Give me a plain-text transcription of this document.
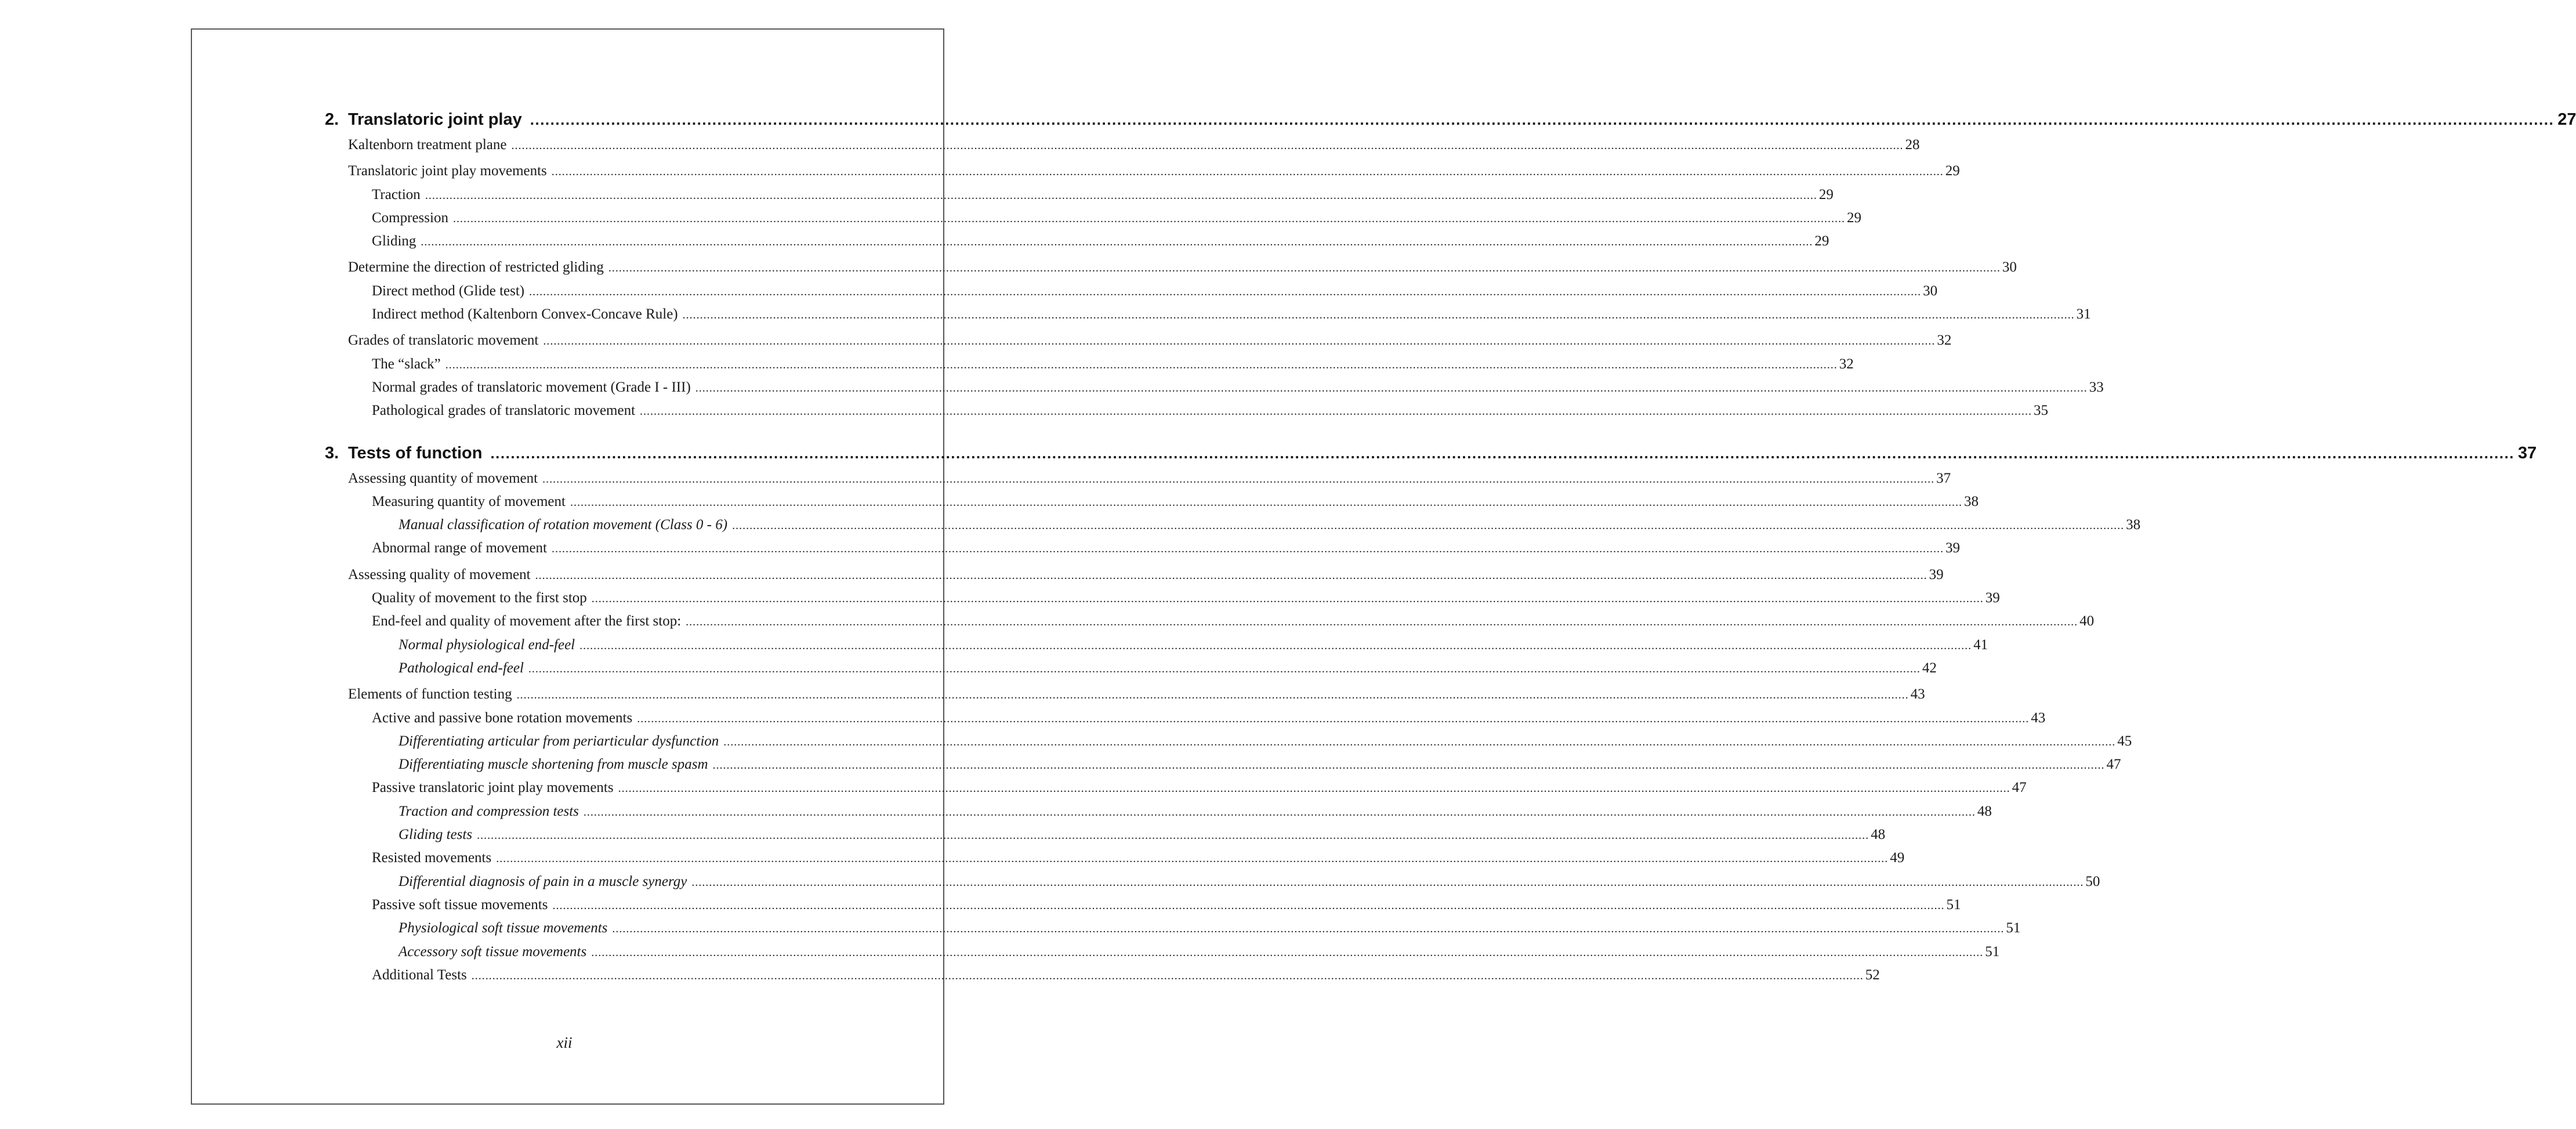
2. Translatoric joint play ................................................................................................................................................................................................................................................................................................................................................................................................................ 27
Kaltenborn treatment plane ................................................................................................................................................................................................................................................................................................................................................................................................................ 28
Translatoric joint play movements ................................................................................................................................................................................................................................................................................................................................................................................................................ 29
Traction ................................................................................................................................................................................................................................................................................................................................................................................................................ 29
Compression ................................................................................................................................................................................................................................................................................................................................................................................................................ 29
Gliding ................................................................................................................................................................................................................................................................................................................................................................................................................ 29
Determine the direction of restricted gliding ................................................................................................................................................................................................................................................................................................................................................................................................................ 30
Direct method (Glide test) ................................................................................................................................................................................................................................................................................................................................................................................................................ 30
Indirect method (Kaltenborn Convex-Concave Rule) ................................................................................................................................................................................................................................................................................................................................................................................................................ 31
Grades of translatoric movement ................................................................................................................................................................................................................................................................................................................................................................................................................ 32
The “slack” ................................................................................................................................................................................................................................................................................................................................................................................................................ 32
Normal grades of translatoric movement (Grade I - III) ................................................................................................................................................................................................................................................................................................................................................................................................................ 33
Pathological grades of translatoric movement ................................................................................................................................................................................................................................................................................................................................................................................................................ 35
3. Tests of function ................................................................................................................................................................................................................................................................................................................................................................................................................ 37
Assessing quantity of movement ................................................................................................................................................................................................................................................................................................................................................................................................................ 37
Measuring quantity of movement ................................................................................................................................................................................................................................................................................................................................................................................................................ 38
Manual classification of rotation movement (Class 0 - 6) ................................................................................................................................................................................................................................................................................................................................................................................................................ 38
Abnormal range of movement ................................................................................................................................................................................................................................................................................................................................................................................................................ 39
Assessing quality of movement ................................................................................................................................................................................................................................................................................................................................................................................................................ 39
Quality of movement to the first stop ................................................................................................................................................................................................................................................................................................................................................................................................................ 39
End-feel and quality of movement after the first stop: ................................................................................................................................................................................................................................................................................................................................................................................................................ 40
Normal physiological end-feel ................................................................................................................................................................................................................................................................................................................................................................................................................ 41
Pathological end-feel ................................................................................................................................................................................................................................................................................................................................................................................................................ 42
Elements of function testing ................................................................................................................................................................................................................................................................................................................................................................................................................ 43
Active and passive bone rotation movements ................................................................................................................................................................................................................................................................................................................................................................................................................ 43
Differentiating articular from periarticular dysfunction ................................................................................................................................................................................................................................................................................................................................................................................................................ 45
Differentiating muscle shortening from muscle spasm ................................................................................................................................................................................................................................................................................................................................................................................................................ 47
Passive translatoric joint play movements ................................................................................................................................................................................................................................................................................................................................................................................................................ 47
Traction and compression tests ................................................................................................................................................................................................................................................................................................................................................................................................................ 48
Gliding tests ................................................................................................................................................................................................................................................................................................................................................................................................................ 48
Resisted movements ................................................................................................................................................................................................................................................................................................................................................................................................................ 49
Differential diagnosis of pain in a muscle synergy ................................................................................................................................................................................................................................................................................................................................................................................................................ 50
Passive soft tissue movements ................................................................................................................................................................................................................................................................................................................................................................................................................ 51
Physiological soft tissue movements ................................................................................................................................................................................................................................................................................................................................................................................................................ 51
Accessory soft tissue movements ................................................................................................................................................................................................................................................................................................................................................................................................................ 51
Additional Tests ................................................................................................................................................................................................................................................................................................................................................................................................................ 52
xii
